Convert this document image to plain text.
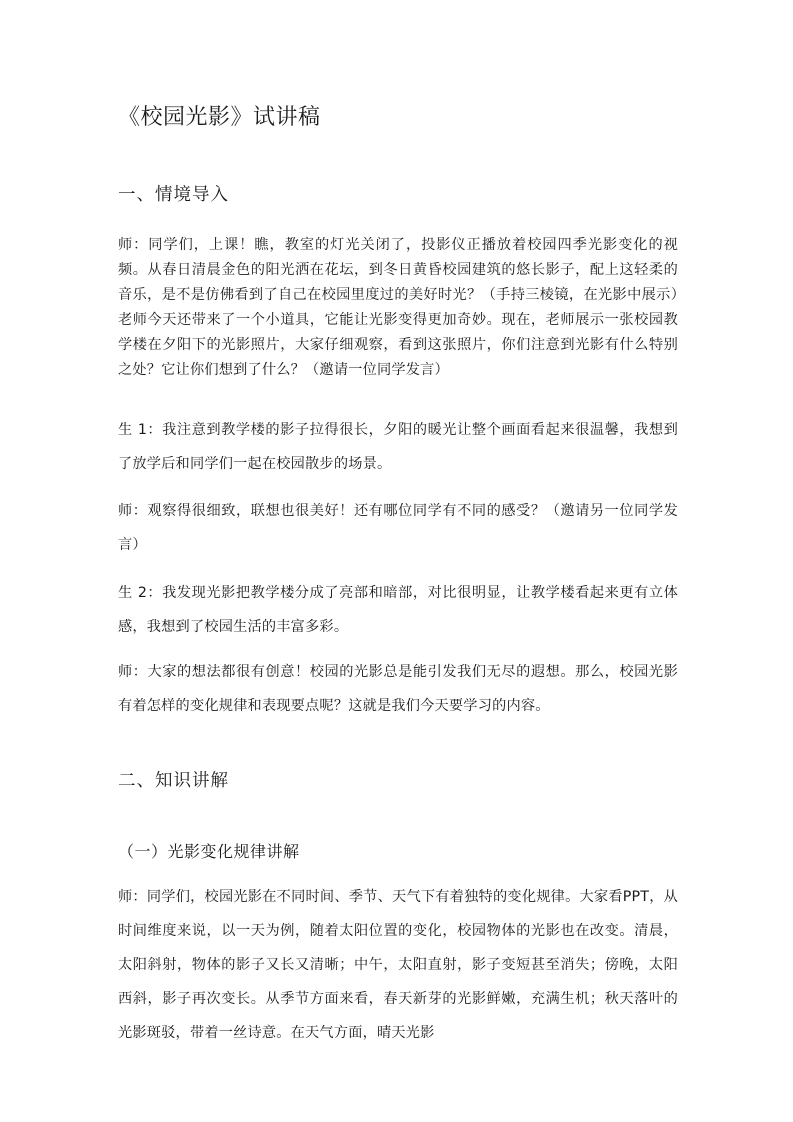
《校园光影》试讲稿
一、情境导入

师：同学们，上课！瞧，教室的灯光关闭了，投影仪正播放着校园四季光影变化的视频。从春日清晨金色的阳光洒在花坛，到冬日黄昏校园建筑的悠长影子，配上这轻柔的音乐，是不是仿佛看到了自己在校园里度过的美好时光？（手持三棱镜，在光影中展示）老师今天还带来了一个小道具，它能让光影变得更加奇妙。现在，老师展示一张校园教学楼在夕阳下的光影照片，大家仔细观察，看到这张照片，你们注意到光影有什么特别之处？它让你们想到了什么？（邀请一位同学发言）

生 1：我注意到教学楼的影子拉得很长，夕阳的暖光让整个画面看起来很温馨，我想到了放学后和同学们一起在校园散步的场景。

师：观察得很细致，联想也很美好！还有哪位同学有不同的感受？（邀请另一位同学发言）

生 2：我发现光影把教学楼分成了亮部和暗部，对比很明显，让教学楼看起来更有立体感，我想到了校园生活的丰富多彩。

师：大家的想法都很有创意！校园的光影总是能引发我们无尽的遐想。那么，校园光影有着怎样的变化规律和表现要点呢？这就是我们今天要学习的内容。

二、知识讲解
（一）光影变化规律讲解

师：同学们，校园光影在不同时间、季节、天气下有着独特的变化规律。大家看PPT，从时间维度来说，以一天为例，随着太阳位置的变化，校园物体的光影也在改变。清晨，太阳斜射，物体的影子又长又清晰；中午，太阳直射，影子变短甚至消失；傍晚，太阳西斜，影子再次变长。从季节方面来看，春天新芽的光影鲜嫩，充满生机；秋天落叶的光影斑驳，带着一丝诗意。在天气方面，晴天光影
